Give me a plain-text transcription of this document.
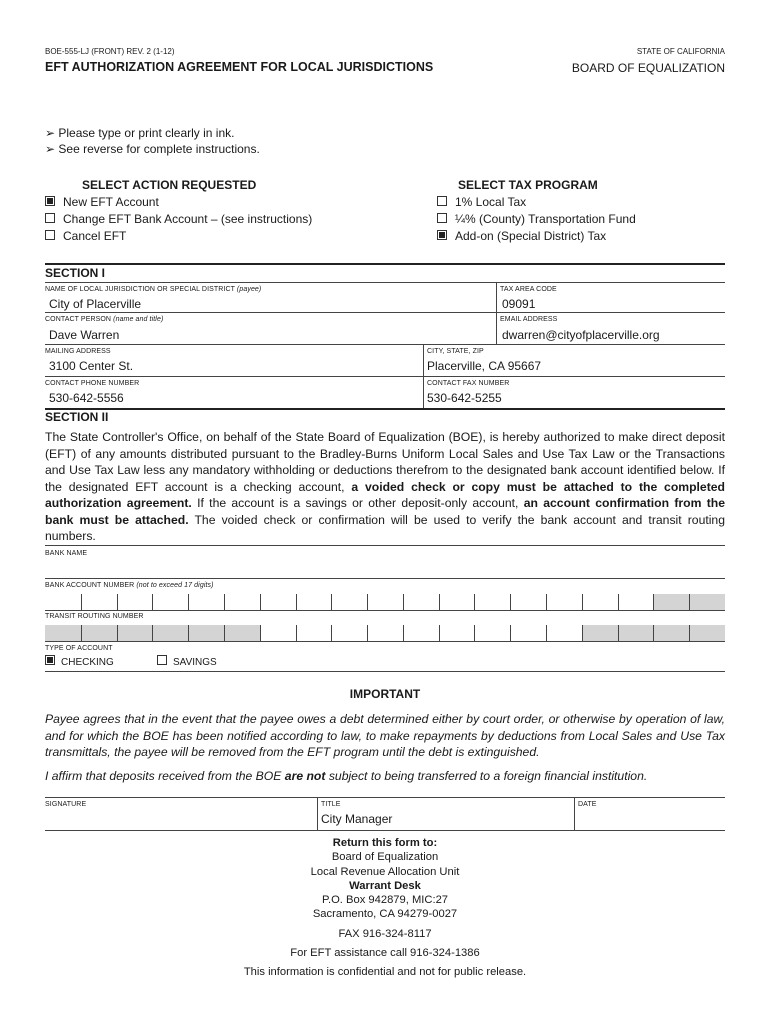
BOE-555-LJ (FRONT) REV. 2 (1-12)
EFT AUTHORIZATION AGREEMENT FOR LOCAL JURISDICTIONS
STATE OF CALIFORNIA
BOARD OF EQUALIZATION
➢ Please type or print clearly in ink.
➢ See reverse for complete instructions.
SELECT ACTION REQUESTED
New EFT Account
Change EFT Bank Account – (see instructions)
Cancel EFT
SELECT TAX PROGRAM
1% Local Tax
¼% (County) Transportation Fund
Add-on (Special District) Tax
SECTION I
NAME OF LOCAL JURISDICTION OR SPECIAL DISTRICT (payee)
City of Placerville
TAX AREA CODE
09091
CONTACT PERSON (name and title)
Dave Warren
EMAIL ADDRESS
dwarren@cityofplacerville.org
MAILING ADDRESS
3100 Center St.
CITY, STATE, ZIP
Placerville, CA 95667
CONTACT PHONE NUMBER
530-642-5556
CONTACT FAX NUMBER
530-642-5255
SECTION II
The State Controller's Office, on behalf of the State Board of Equalization (BOE), is hereby authorized to make direct deposit (EFT) of any amounts distributed pursuant to the Bradley-Burns Uniform Local Sales and Use Tax Law or the Transactions and Use Tax Law less any mandatory withholding or deductions therefrom to the designated bank account identified below. If the designated EFT account is a checking account, a voided check or copy must be attached to the completed authorization agreement. If the account is a savings or other deposit-only account, an account confirmation from the bank must be attached. The voided check or confirmation will be used to verify the bank account and transit routing numbers.
BANK NAME
BANK ACCOUNT NUMBER (not to exceed 17 digits)
TRANSIT ROUTING NUMBER
TYPE OF ACCOUNT
CHECKING	SAVINGS
IMPORTANT
Payee agrees that in the event that the payee owes a debt determined either by court order, or otherwise by operation of law, and for which the BOE has been notified according to law, to make repayments by deductions from Local Sales and Use Tax transmittals, the payee will be removed from the EFT program until the debt is extinguished.
I affirm that deposits received from the BOE are not subject to being transferred to a foreign financial institution.
SIGNATURE	TITLE
City Manager
DATE
Return this form to:
Board of Equalization
Local Revenue Allocation Unit
Warrant Desk
P.O. Box 942879, MIC:27
Sacramento, CA 94279-0027
FAX 916-324-8117
For EFT assistance call 916-324-1386
This information is confidential and not for public release.
